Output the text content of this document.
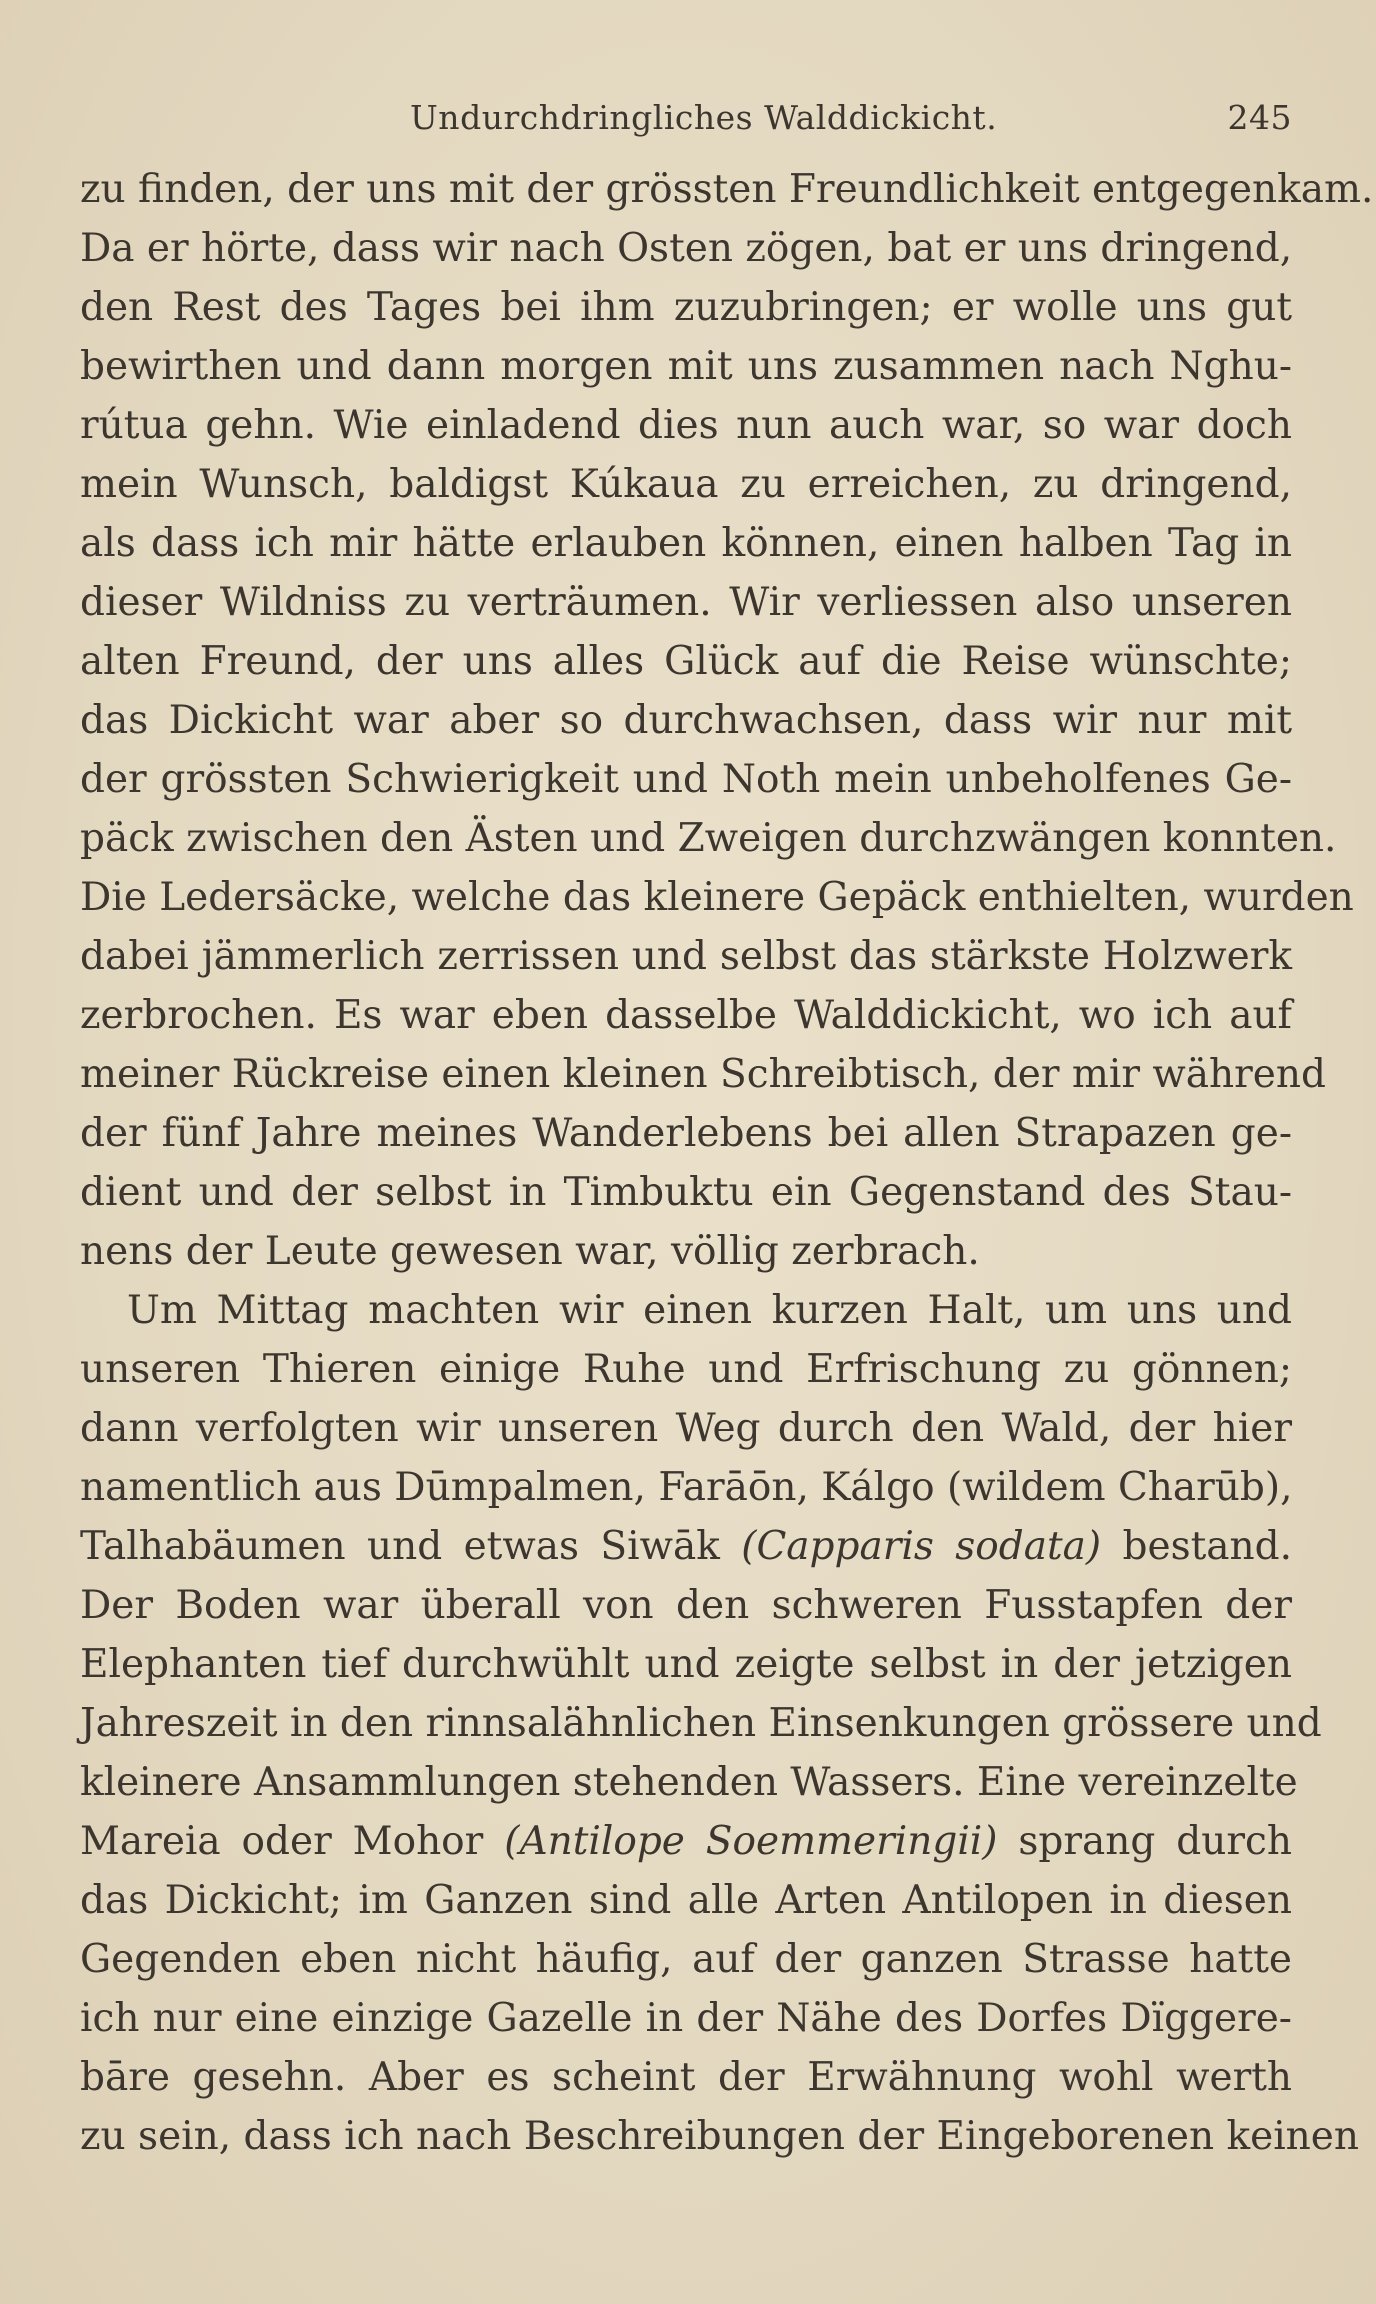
Undurchdringliches Walddickicht.	245
zu finden, der uns mit der grössten Freundlichkeit entgegenkam.
Da er hörte, dass wir nach Osten zögen, bat er uns dringend,
den Rest des Tages bei ihm zuzubringen; er wolle uns gut
bewirthen und dann morgen mit uns zusammen nach Nghu-
rútua gehn. Wie einladend dies nun auch war, so war doch
mein Wunsch, baldigst Kúkaua zu erreichen, zu dringend,
als dass ich mir hätte erlauben können, einen halben Tag in
dieser Wildniss zu verträumen. Wir verliessen also unseren
alten Freund, der uns alles Glück auf die Reise wünschte;
das Dickicht war aber so durchwachsen, dass wir nur mit
der grössten Schwierigkeit und Noth mein unbeholfenes Ge-
päck zwischen den Ästen und Zweigen durchzwängen konnten.
Die Ledersäcke, welche das kleinere Gepäck enthielten, wurden
dabei jämmerlich zerrissen und selbst das stärkste Holzwerk
zerbrochen. Es war eben dasselbe Walddickicht, wo ich auf
meiner Rückreise einen kleinen Schreibtisch, der mir während
der fünf Jahre meines Wanderlebens bei allen Strapazen ge-
dient und der selbst in Timbuktu ein Gegenstand des Stau-
nens der Leute gewesen war, völlig zerbrach.
Um Mittag machten wir einen kurzen Halt, um uns und
unseren Thieren einige Ruhe und Erfrischung zu gönnen;
dann verfolgten wir unseren Weg durch den Wald, der hier
namentlich aus Dūmpalmen, Farāōn, Kálgo (wildem Charūb),
Talhabäumen und etwas Siwāk (Capparis sodata) bestand.
Der Boden war überall von den schweren Fusstapfen der
Elephanten tief durchwühlt und zeigte selbst in der jetzigen
Jahreszeit in den rinnsalähnlichen Einsenkungen grössere und
kleinere Ansammlungen stehenden Wassers. Eine vereinzelte
Mareia oder Mohor (Antilope Soemmeringii) sprang durch
das Dickicht; im Ganzen sind alle Arten Antilopen in diesen
Gegenden eben nicht häufig, auf der ganzen Strasse hatte
ich nur eine einzige Gazelle in der Nähe des Dorfes Dïggere-
bāre gesehn. Aber es scheint der Erwähnung wohl werth
zu sein, dass ich nach Beschreibungen der Eingeborenen keinen
